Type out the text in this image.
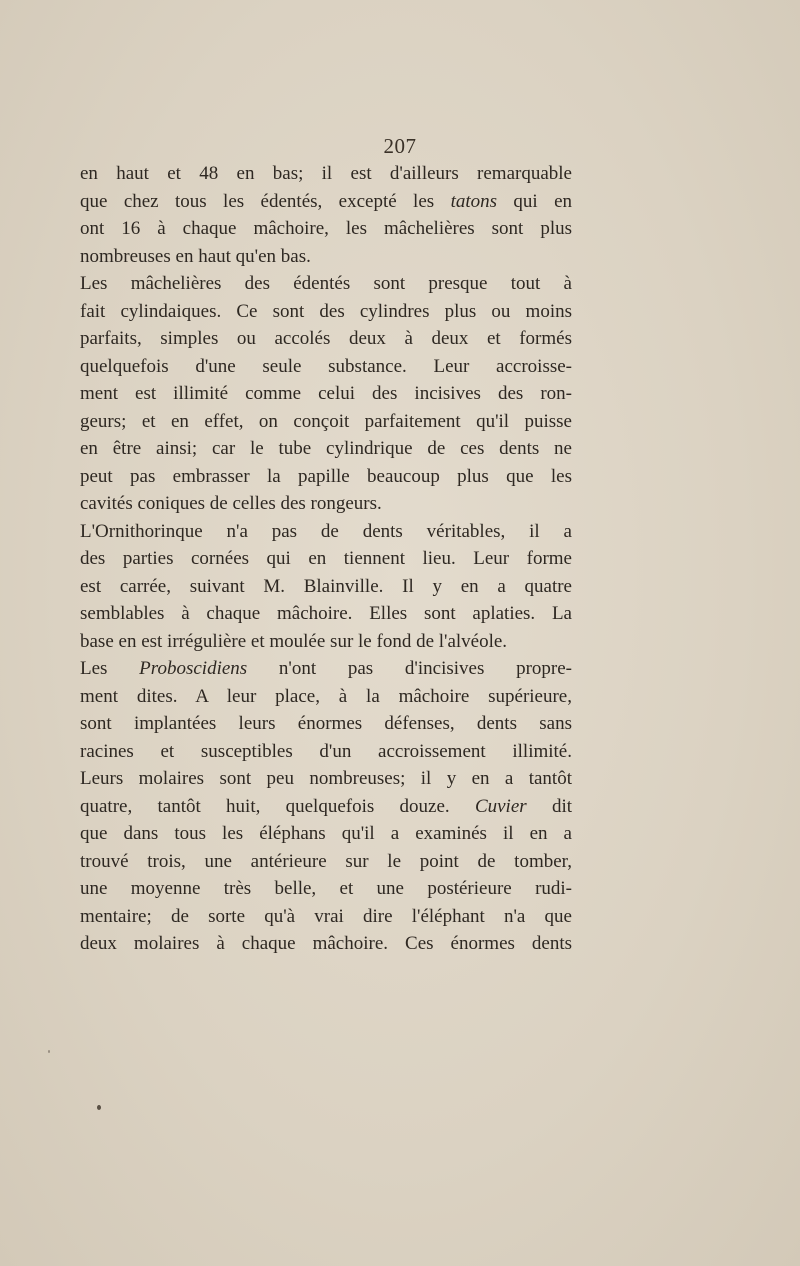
207
en haut et 48 en bas; il est d'ailleurs remarquable
que chez tous les édentés, excepté les tatons qui en
ont 16 à chaque mâchoire, les mâchelières sont plus
nombreuses en haut qu'en bas.
Les mâchelières des édentés sont presque tout à
fait cylindaiques. Ce sont des cylindres plus ou moins
parfaits, simples ou accolés deux à deux et formés
quelquefois d'une seule substance. Leur accroisse-
ment est illimité comme celui des incisives des ron-
geurs; et en effet, on conçoit parfaitement qu'il puisse
en être ainsi; car le tube cylindrique de ces dents ne
peut pas embrasser la papille beaucoup plus que les
cavités coniques de celles des rongeurs.
L'Ornithorinque n'a pas de dents véritables, il a
des parties cornées qui en tiennent lieu. Leur forme
est carrée, suivant M. Blainville. Il y en a quatre
semblables à chaque mâchoire. Elles sont aplaties. La
base en est irrégulière et moulée sur le fond de l'alvéole.
Les Proboscidiens n'ont pas d'incisives propre-
ment dites. A leur place, à la mâchoire supérieure,
sont implantées leurs énormes défenses, dents sans
racines et susceptibles d'un accroissement illimité.
Leurs molaires sont peu nombreuses; il y en a tantôt
quatre, tantôt huit, quelquefois douze. Cuvier dit
que dans tous les éléphans qu'il a examinés il en a
trouvé trois, une antérieure sur le point de tomber,
une moyenne très belle, et une postérieure rudi-
mentaire; de sorte qu'à vrai dire l'éléphant n'a que
deux molaires à chaque mâchoire. Ces énormes dents
